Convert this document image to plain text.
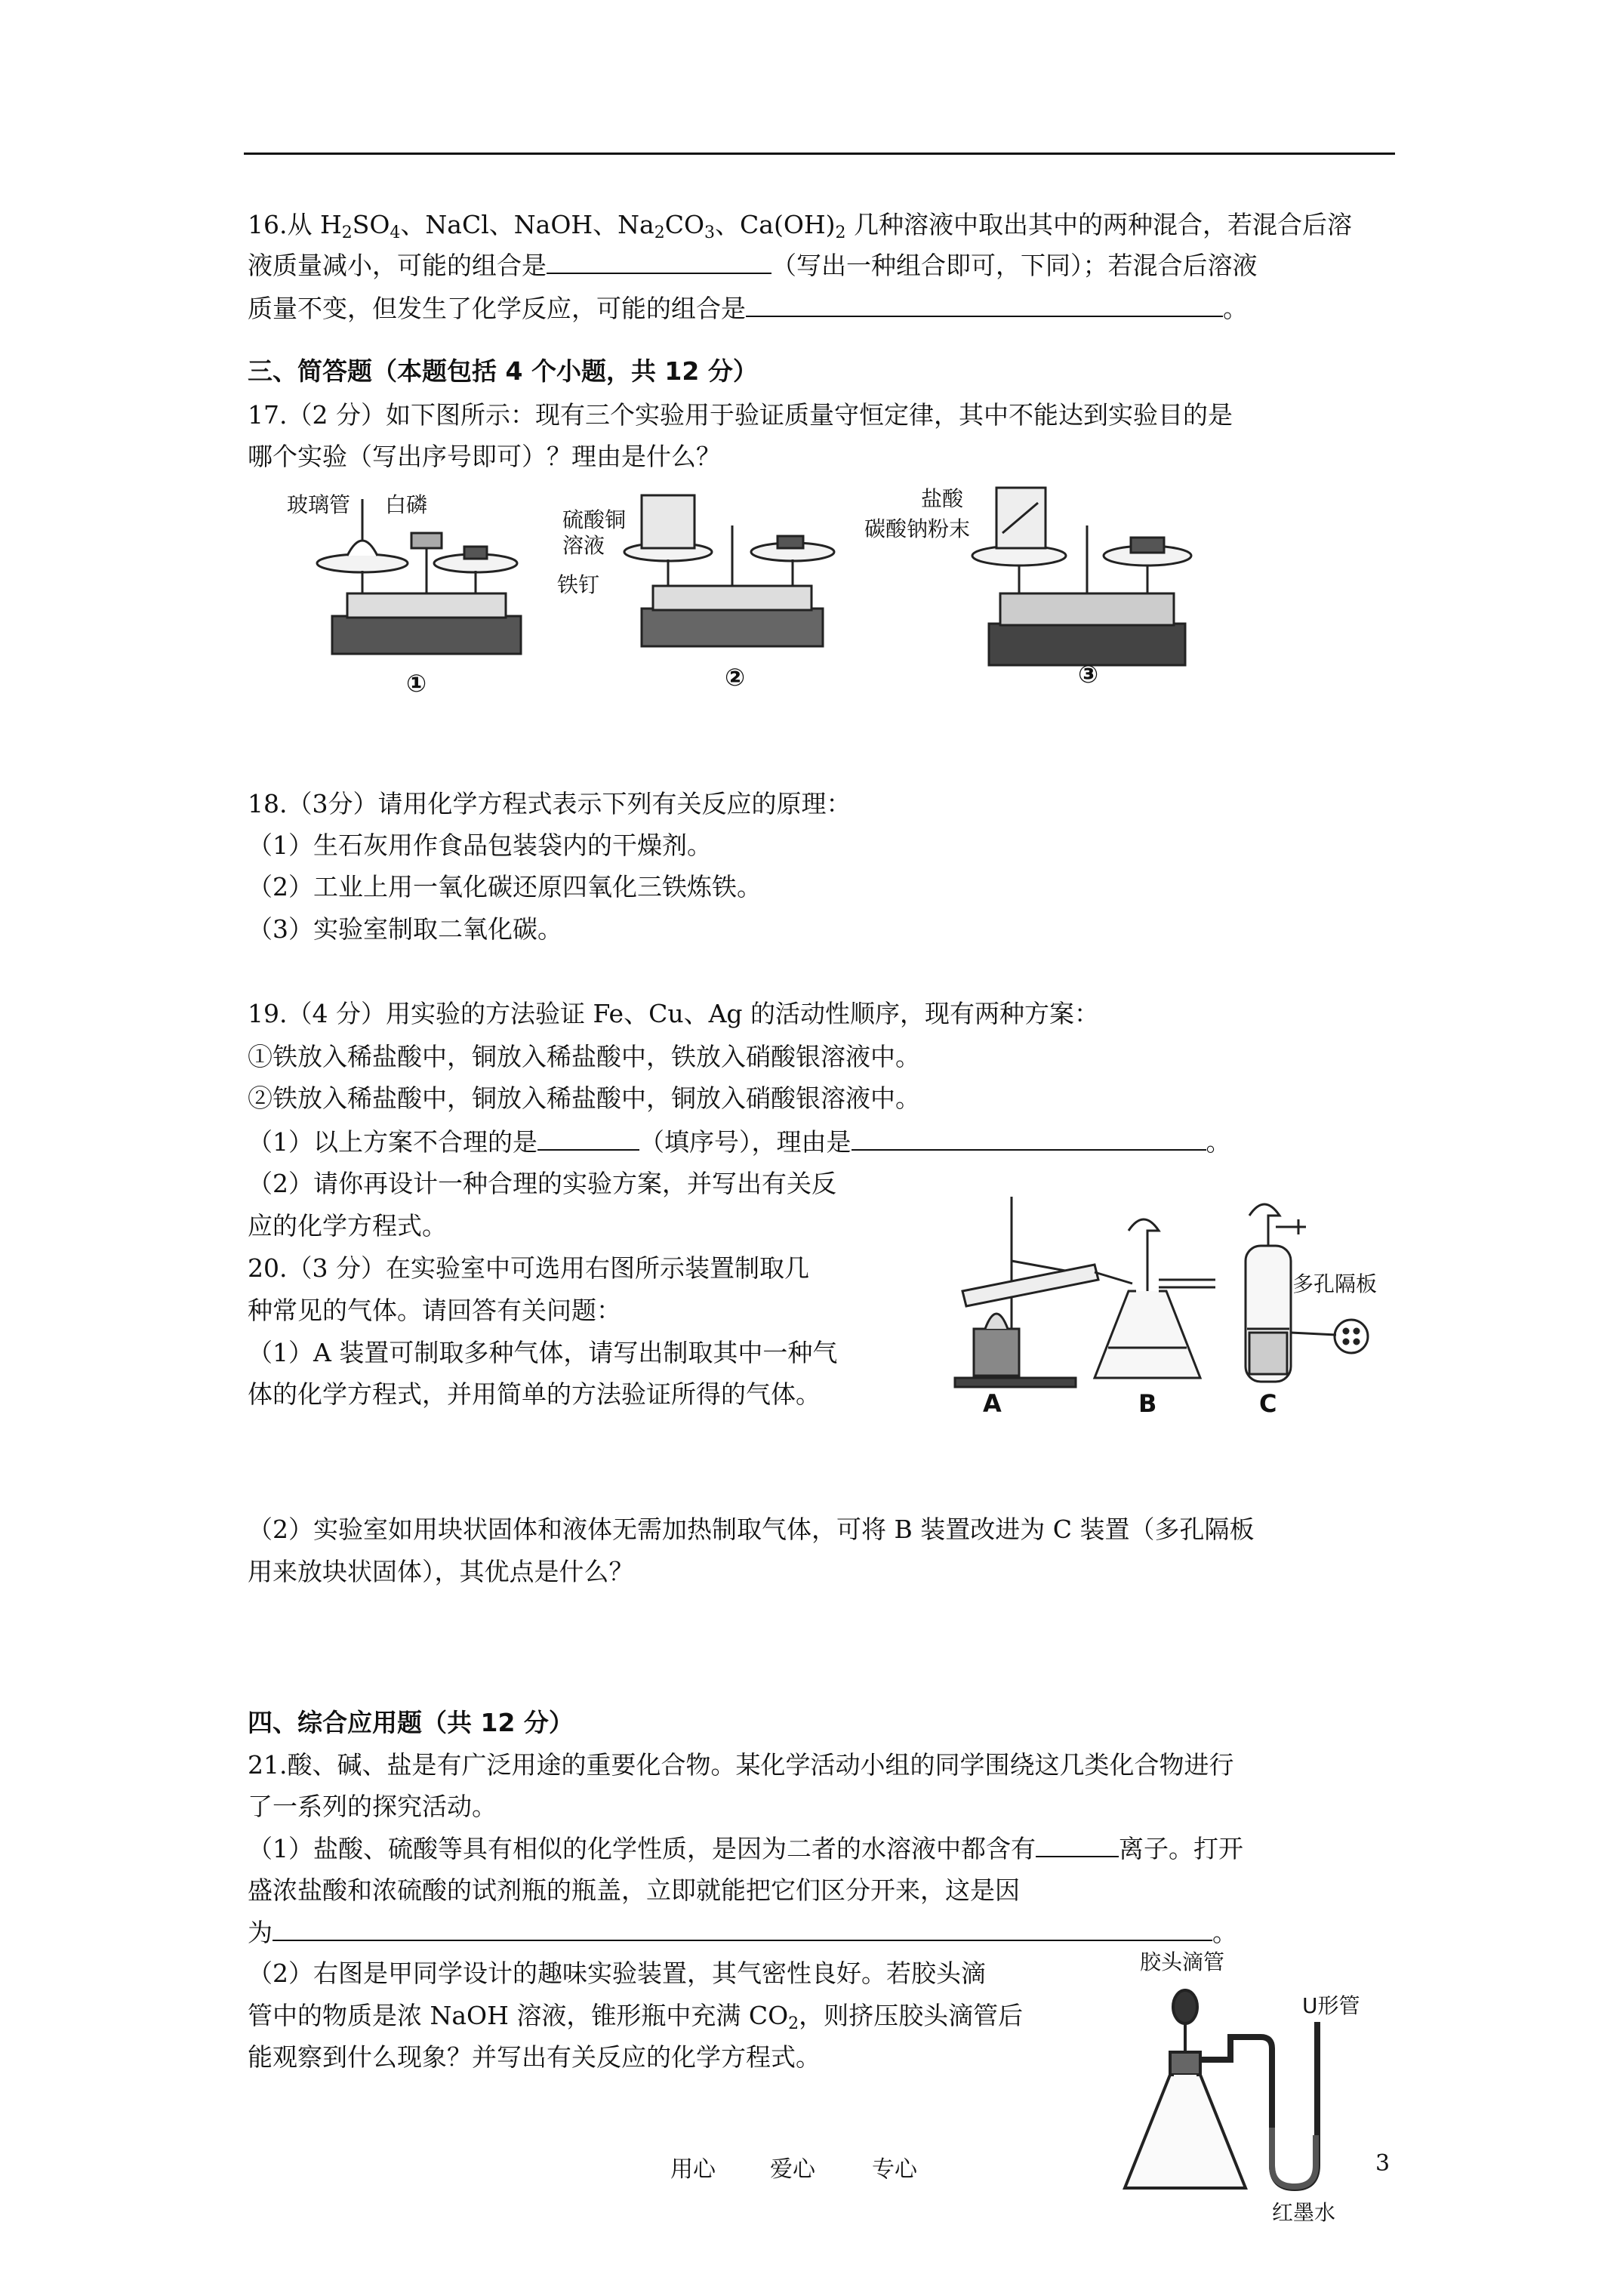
16.从 $H_2SO_4$、NaCl、NaOH、$Na_2CO_3$、$Ca(OH)_2$ 几种溶液中取出其中的两种混合，若混合后溶
液质量减小，可能的组合是	（写出一种组合即可，下同）；若混合后溶液
质量不变，但发生了化学反应，可能的组合是	。
三、简答题（本题包括 4 个小题，共 12 分）
17.（2 分）如下图所示：现有三个实验用于验证质量守恒定律，其中不能达到实验目的是
哪个实验（写出序号即可）？理由是什么？
玻璃管 白磷
①
硫酸铜
溶液
铁钉
②
盐酸
碳酸钠粉末
③
18.（3分）请用化学方程式表示下列有关反应的原理：
（1）生石灰用作食品包装袋内的干燥剂。
（2）工业上用一氧化碳还原四氧化三铁炼铁。
（3）实验室制取二氧化碳。
19.（4 分）用实验的方法验证 Fe、Cu、Ag 的活动性顺序，现有两种方案：
①铁放入稀盐酸中，铜放入稀盐酸中，铁放入硝酸银溶液中。
②铁放入稀盐酸中，铜放入稀盐酸中，铜放入硝酸银溶液中。
（1）以上方案不合理的是	（填序号），理由是	。
（2）请你再设计一种合理的实验方案，并写出有关反
应的化学方程式。
20.（3 分）在实验室中可选用右图所示装置制取几
种常见的气体。请回答有关问题：
（1）A 装置可制取多种气体，请写出制取其中一种气
体的化学方程式，并用简单的方法验证所得的气体。	A	B
多孔隔板
C
（2）实验室如用块状固体和液体无需加热制取气体，可将 B 装置改进为 C 装置（多孔隔板
用来放块状固体），其优点是什么？
四、综合应用题（共 12 分）
21.酸、碱、盐是有广泛用途的重要化合物。某化学活动小组的同学围绕这几类化合物进行
了一系列的探究活动。
（1）盐酸、硫酸等具有相似的化学性质，是因为二者的水溶液中都含有	离子。打开
盛浓盐酸和浓硫酸的试剂瓶的瓶盖，立即就能把它们区分开来，这是因
为	。
（2）右图是甲同学设计的趣味实验装置，其气密性良好。若胶头滴
管中的物质是浓 NaOH 溶液，锥形瓶中充满 $CO_2$，则挤压胶头滴管后
能观察到什么现象？并写出有关反应的化学方程式。
胶头滴管
U形管
红墨水
用心 爱心	专心	3
